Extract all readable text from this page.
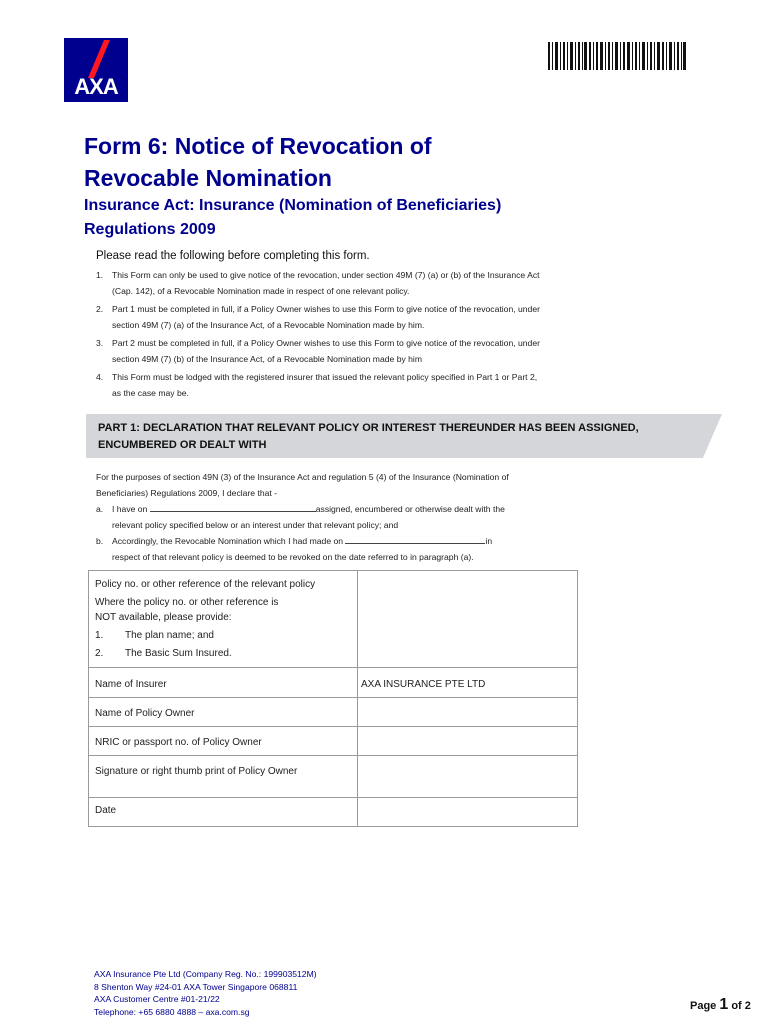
AXA
Form 6: Notice of Revocation of
Revocable Nomination
Insurance Act: Insurance (Nomination of Beneficiaries)
Regulations 2009
Please read the following before completing this form.
1. This Form can only be used to give notice of the revocation, under section 49M (7) (a) or (b) of the Insurance Act (Cap. 142), of a Revocable Nomination made in respect of one relevant policy.
2. Part 1 must be completed in full, if a Policy Owner wishes to use this Form to give notice of the revocation, under section 49M (7) (a) of the Insurance Act, of a Revocable Nomination made by him.
3. Part 2 must be completed in full, if a Policy Owner wishes to use this Form to give notice of the revocation, under section 49M (7) (b) of the Insurance Act, of a Revocable Nomination made by him
4. This Form must be lodged with the registered insurer that issued the relevant policy specified in Part 1 or Part 2, as the case may be.
PART 1: DECLARATION THAT RELEVANT POLICY OR INTEREST THEREUNDER HAS BEEN ASSIGNED, ENCUMBERED OR DEALT WITH
For the purposes of section 49N (3) of the Insurance Act and regulation 5 (4) of the Insurance (Nomination of Beneficiaries) Regulations 2009, I declare that -
a. I have on	assigned, encumbered or otherwise dealt with the
relevant policy specified below or an interest under that relevant policy; and
b. Accordingly, the Revocable Nomination which I had made on	in
respect of that relevant policy is deemed to be revoked on the date referred to in paragraph (a).
Policy no. or other reference of the relevant policy
Where the policy no. or other reference is
NOT available, please provide:
1. The plan name; and
2. The Basic Sum Insured.
Name of Insurer	AXA INSURANCE PTE LTD
Name of Policy Owner
NRIC or passport no. of Policy Owner
Signature or right thumb print of Policy Owner
Date
AXA Insurance Pte Ltd (Company Reg. No.: 199903512M)
8 Shenton Way #24-01 AXA Tower Singapore 068811
AXA Customer Centre #01-21/22
Telephone: +65 6880 4888 – axa.com.sg	Page 1 of 2
